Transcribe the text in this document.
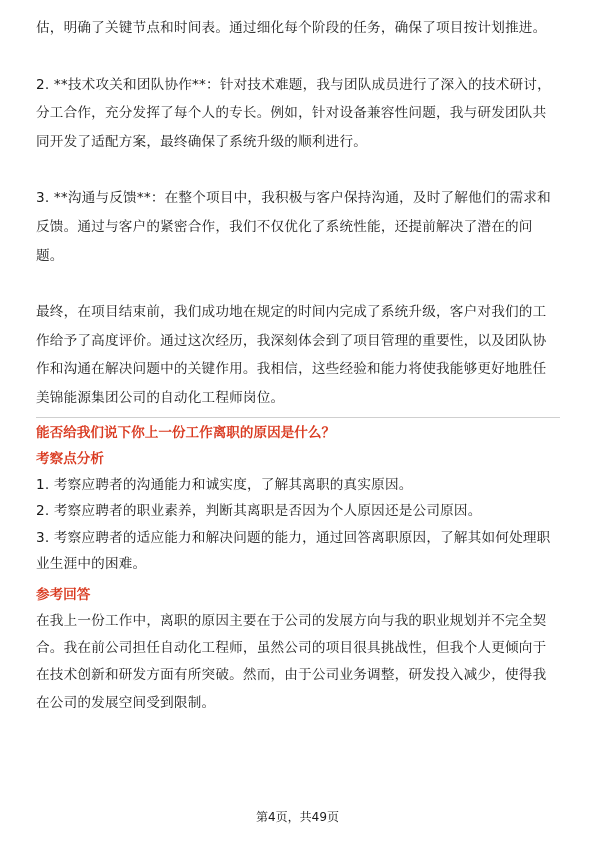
估，明确了关键节点和时间表。通过细化每个阶段的任务，确保了项目按计划推进。

2. **技术攻关和团队协作**：针对技术难题，我与团队成员进行了深入的技术研讨，分工合作，充分发挥了每个人的专长。例如，针对设备兼容性问题，我与研发团队共同开发了适配方案，最终确保了系统升级的顺利进行。

3. **沟通与反馈**：在整个项目中，我积极与客户保持沟通，及时了解他们的需求和反馈。通过与客户的紧密合作，我们不仅优化了系统性能，还提前解决了潜在的问题。

最终，在项目结束前，我们成功地在规定的时间内完成了系统升级，客户对我们的工作给予了高度评价。通过这次经历，我深刻体会到了项目管理的重要性，以及团队协作和沟通在解决问题中的关键作用。我相信，这些经验和能力将使我能够更好地胜任美锦能源集团公司的自动化工程师岗位。

能否给我们说下你上一份工作离职的原因是什么？

考察点分析

1. 考察应聘者的沟通能力和诚实度，了解其离职的真实原因。

2. 考察应聘者的职业素养，判断其离职是否因为个人原因还是公司原因。

3. 考察应聘者的适应能力和解决问题的能力，通过回答离职原因，了解其如何处理职业生涯中的困难。

参考回答

在我上一份工作中，离职的原因主要在于公司的发展方向与我的职业规划并不完全契合。我在前公司担任自动化工程师，虽然公司的项目很具挑战性，但我个人更倾向于在技术创新和研发方面有所突破。然而，由于公司业务调整，研发投入减少，使得我在公司的发展空间受到限制。

第4页，共49页
